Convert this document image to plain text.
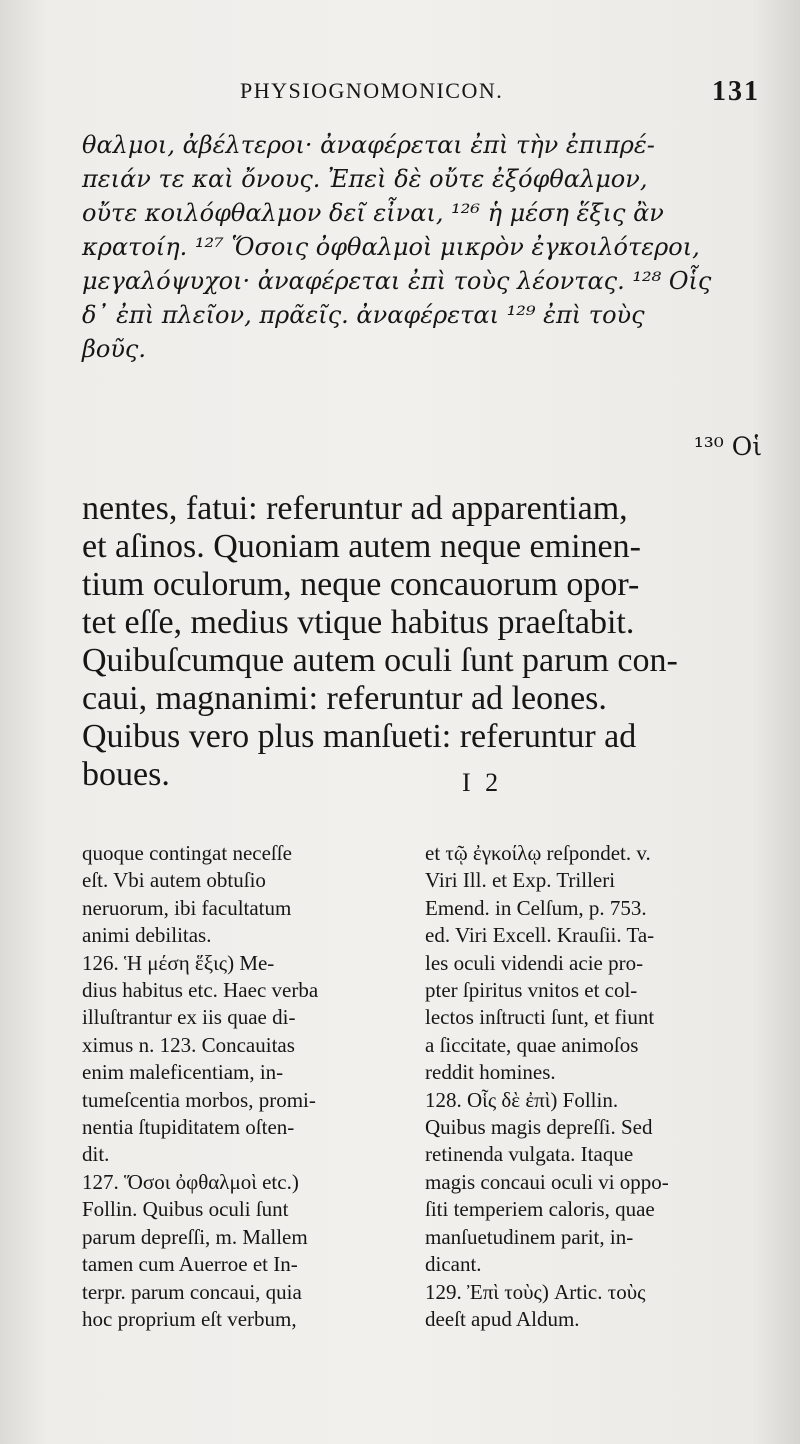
PHYSIOGNOMONICON.	131

θαλμοι, ἀβέλτεροι· ἀναφέρεται ἐπὶ τὴν ἐπιπρέ-

πειάν τε καὶ ὄνους. Ἐπεὶ δὲ οὔτε ἐξόφθαλμον,

οὔτε κοιλόφθαλμον δεῖ εἶναι, ¹²⁶ ἡ μέση ἕξις ἂν

κρατοίη. ¹²⁷ Ὅσοις ὀφθαλμοὶ μικρὸν ἐγκοιλότεροι,

μεγαλόψυχοι· ἀναφέρεται ἐπὶ τοὺς λέοντας. ¹²⁸ Οἷς

δ᾽ ἐπὶ πλεῖον, πρᾶεῖς. ἀναφέρεται ¹²⁹ ἐπὶ τοὺς

βοῦς.

¹³⁰ Οἱ

nentes, fatui: referuntur ad apparentiam,

et aſinos. Quoniam autem neque eminen-

tium oculorum, neque concauorum opor-

tet eſſe, medius vtique habitus praeſtabit.

Quibuſcumque autem oculi ſunt parum con-

caui, magnanimi: referuntur ad leones.

Quibus vero plus manſueti: referuntur ad

boues.	I 2

quoque contingat neceſſe

eſt. Vbi autem obtuſio

neruorum, ibi facultatum

animi debilitas.

126. Ἡ μέση ἕξις) Me-

dius habitus etc. Haec verba

illuſtrantur ex iis quae di-

ximus n. 123. Concauitas

enim maleficentiam, in-

tumeſcentia morbos, promi-

nentia ſtupiditatem oſten-

dit.

127. Ὅσοι ὀφθαλμοὶ etc.)

Follin. Quibus oculi ſunt

parum depreſſi, m. Mallem

tamen cum Auerroe et In-

terpr. parum concaui, quia

hoc proprium eſt verbum,

et τῷ ἐγκοίλῳ reſpondet. v.

Viri Ill. et Exp. Trilleri

Emend. in Celſum, p. 753.

ed. Viri Excell. Krauſii. Ta-

les oculi videndi acie pro-

pter ſpiritus vnitos et col-

lectos inſtructi ſunt, et fiunt

a ſiccitate, quae animoſos

reddit homines.

128. Οἷς δὲ ἐπὶ) Follin.

Quibus magis depreſſi. Sed

retinenda vulgata. Itaque

magis concaui oculi vi oppo-

ſiti temperiem caloris, quae

manſuetudinem parit, in-

dicant.

129. Ἐπὶ τοὺς) Artic. τοὺς

deeſt apud Aldum.
